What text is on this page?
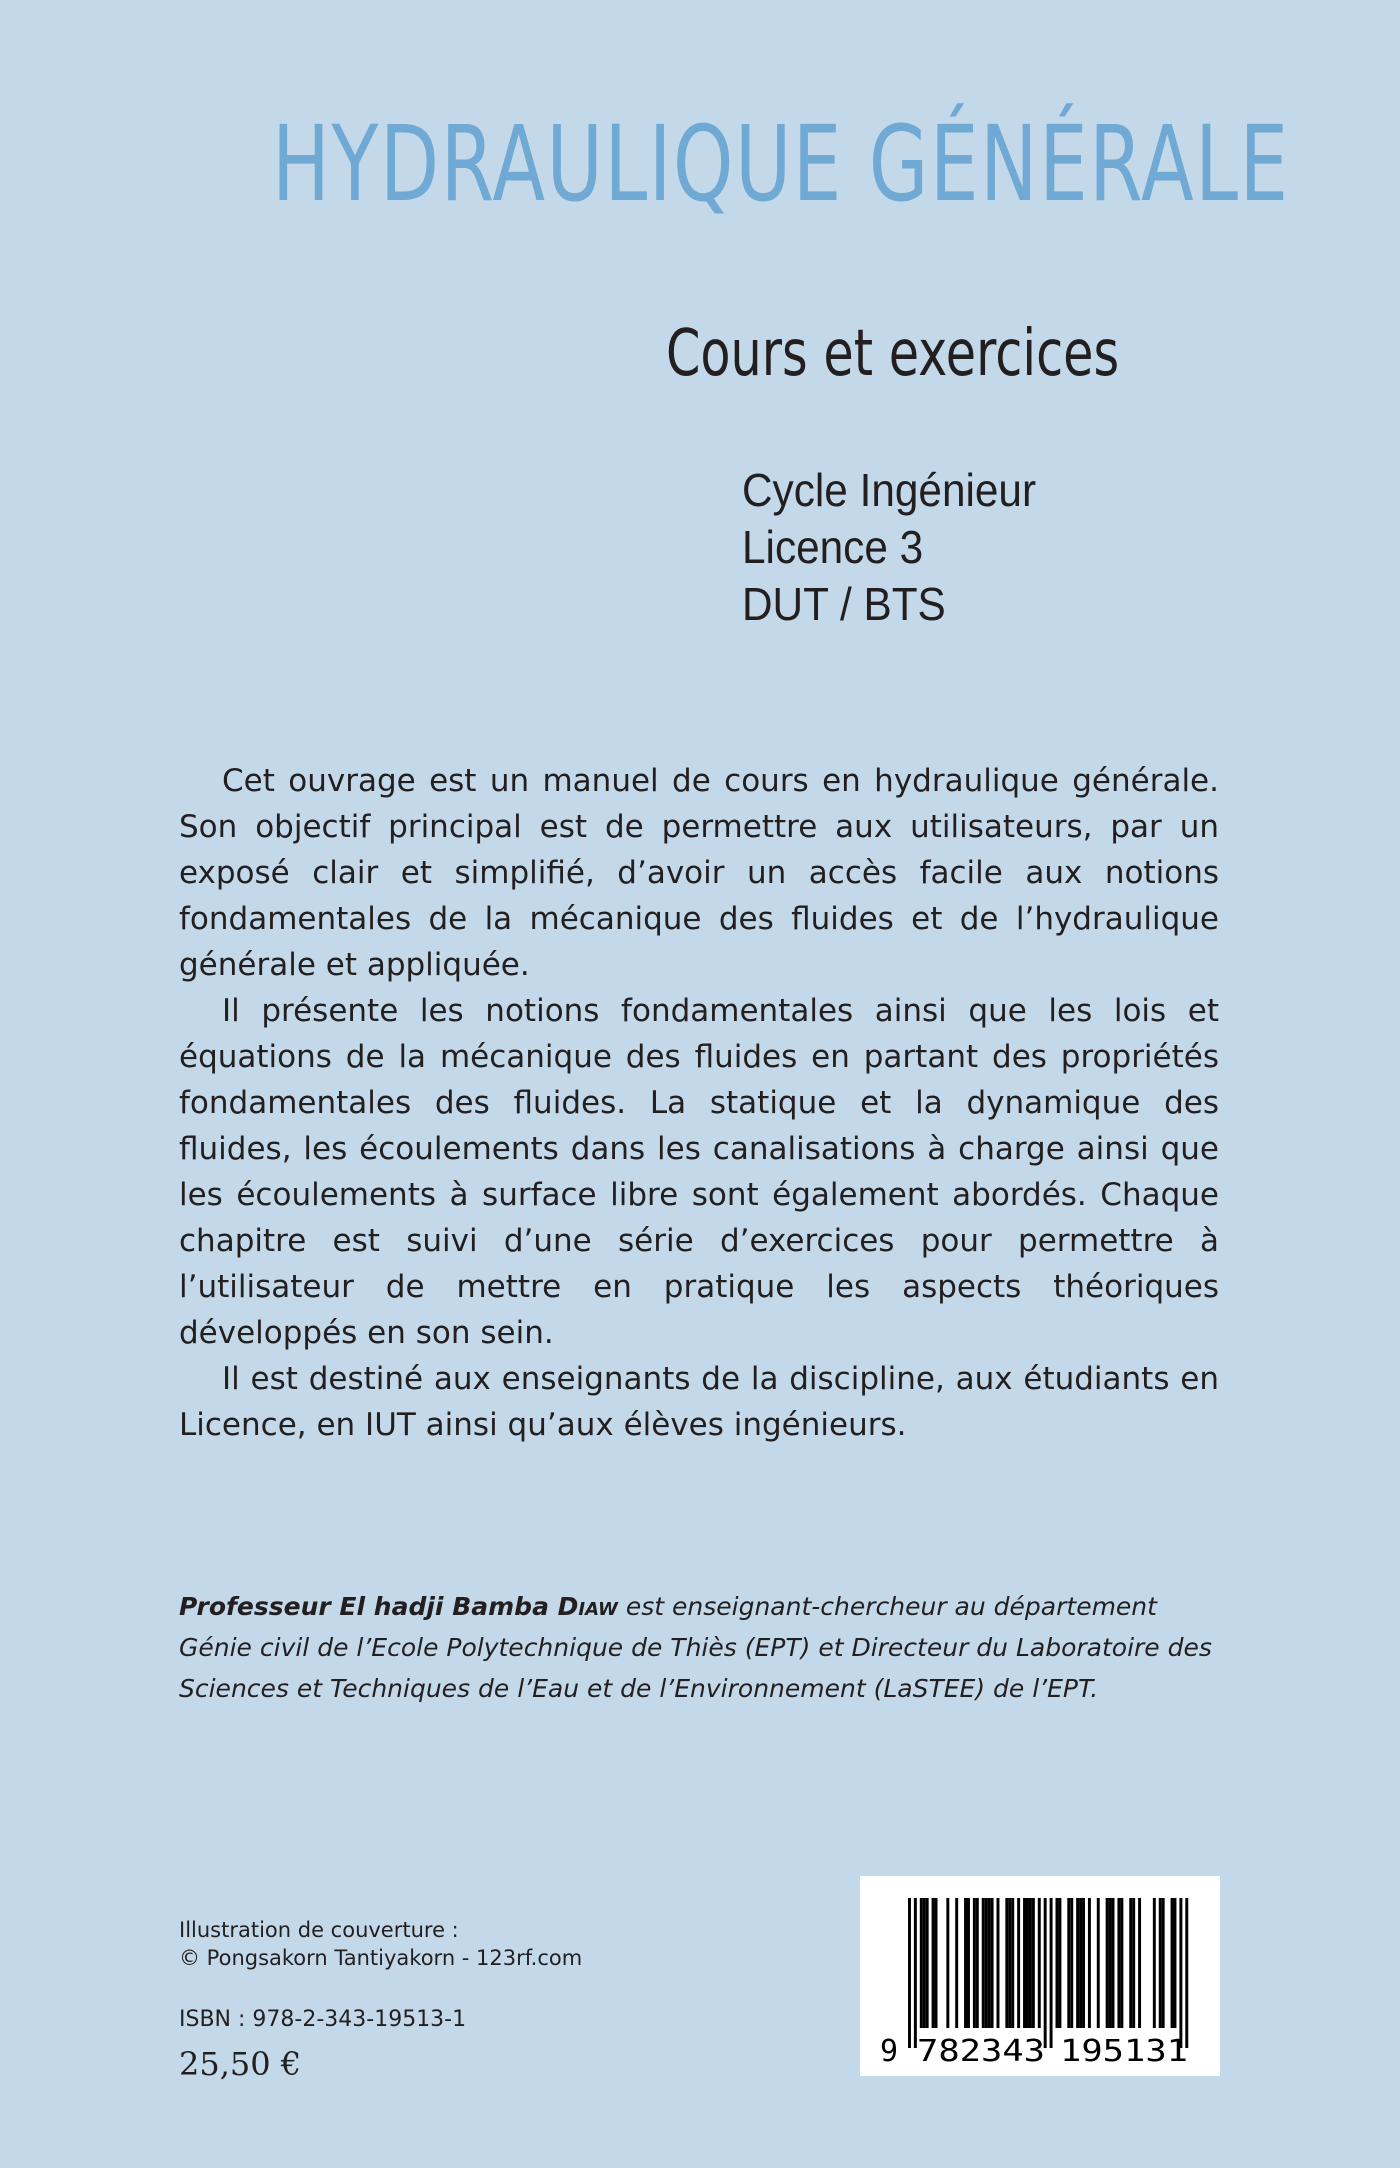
HYDRAULIQUE GÉNÉRALE
Cours et exercices
Cycle Ingénieur
Licence 3
DUT / BTS

Cet ouvrage est un manuel de cours en hydraulique générale. Son objectif principal est de permettre aux utilisateurs, par un exposé clair et simplifié, d’avoir un accès facile aux notions fondamentales de la mécanique des fluides et de l’hydraulique générale et appliquée.

Il présente les notions fondamentales ainsi que les lois et équations de la mécanique des fluides en partant des propriétés fondamentales des fluides. La statique et la dynamique des fluides, les écoulements dans les canalisations à charge ainsi que les écoulements à surface libre sont également abordés. Chaque chapitre est suivi d’une série d’exercices pour permettre à l’utilisateur de mettre en pratique les aspects théoriques développés en son sein.

Il est destiné aux enseignants de la discipline, aux étudiants en Licence, en IUT ainsi qu’aux élèves ingénieurs.

Professeur El hadji Bamba Diaw est enseignant-chercheur au département Génie civil de l’Ecole Polytechnique de Thiès (EPT) et Directeur du Laboratoire des Sciences et Techniques de l’Eau et de l’Environnement (LaSTEE) de l’EPT.
Illustration de couverture :
© Pongsakorn Tantiyakorn - 123rf.com
ISBN : 978-2-343-19513-1
25,50 €	9 782343 195131
